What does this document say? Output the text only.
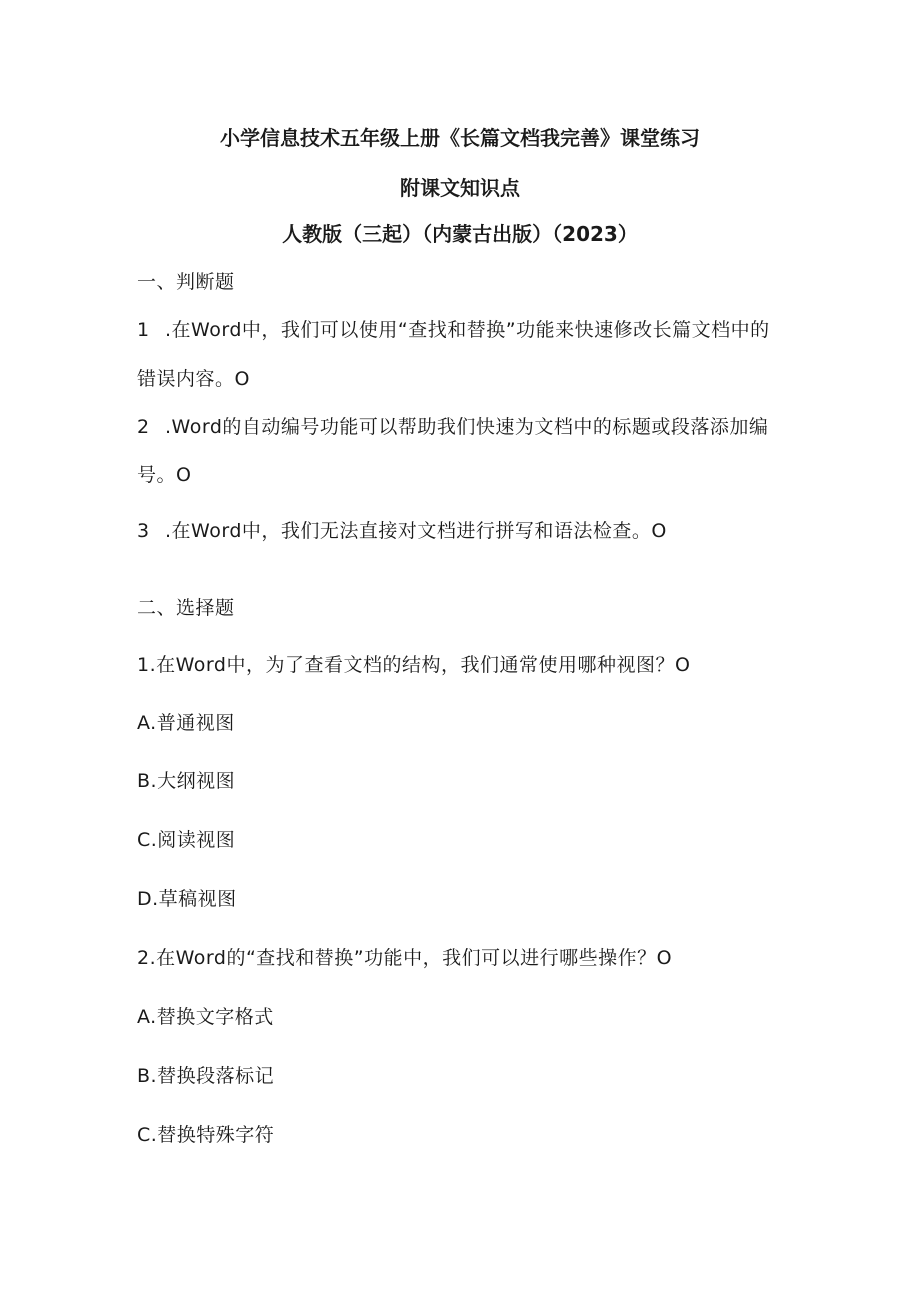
小学信息技术五年级上册《长篇文档我完善》课堂练习
附课文知识点
人教版（三起）（内蒙古出版）（2023）
一、判断题
1 .在Word中，我们可以使用“查找和替换”功能来快速修改长篇文档中的
错误内容。O
2 .Word的自动编号功能可以帮助我们快速为文档中的标题或段落添加编
号。O
3 .在Word中，我们无法直接对文档进行拼写和语法检查。O
二、选择题
1.在Word中，为了查看文档的结构，我们通常使用哪种视图？O
A.普通视图
B.大纲视图
C.阅读视图
D.草稿视图
2.在Word的“查找和替换”功能中，我们可以进行哪些操作？O
A.替换文字格式
B.替换段落标记
C.替换特殊字符
